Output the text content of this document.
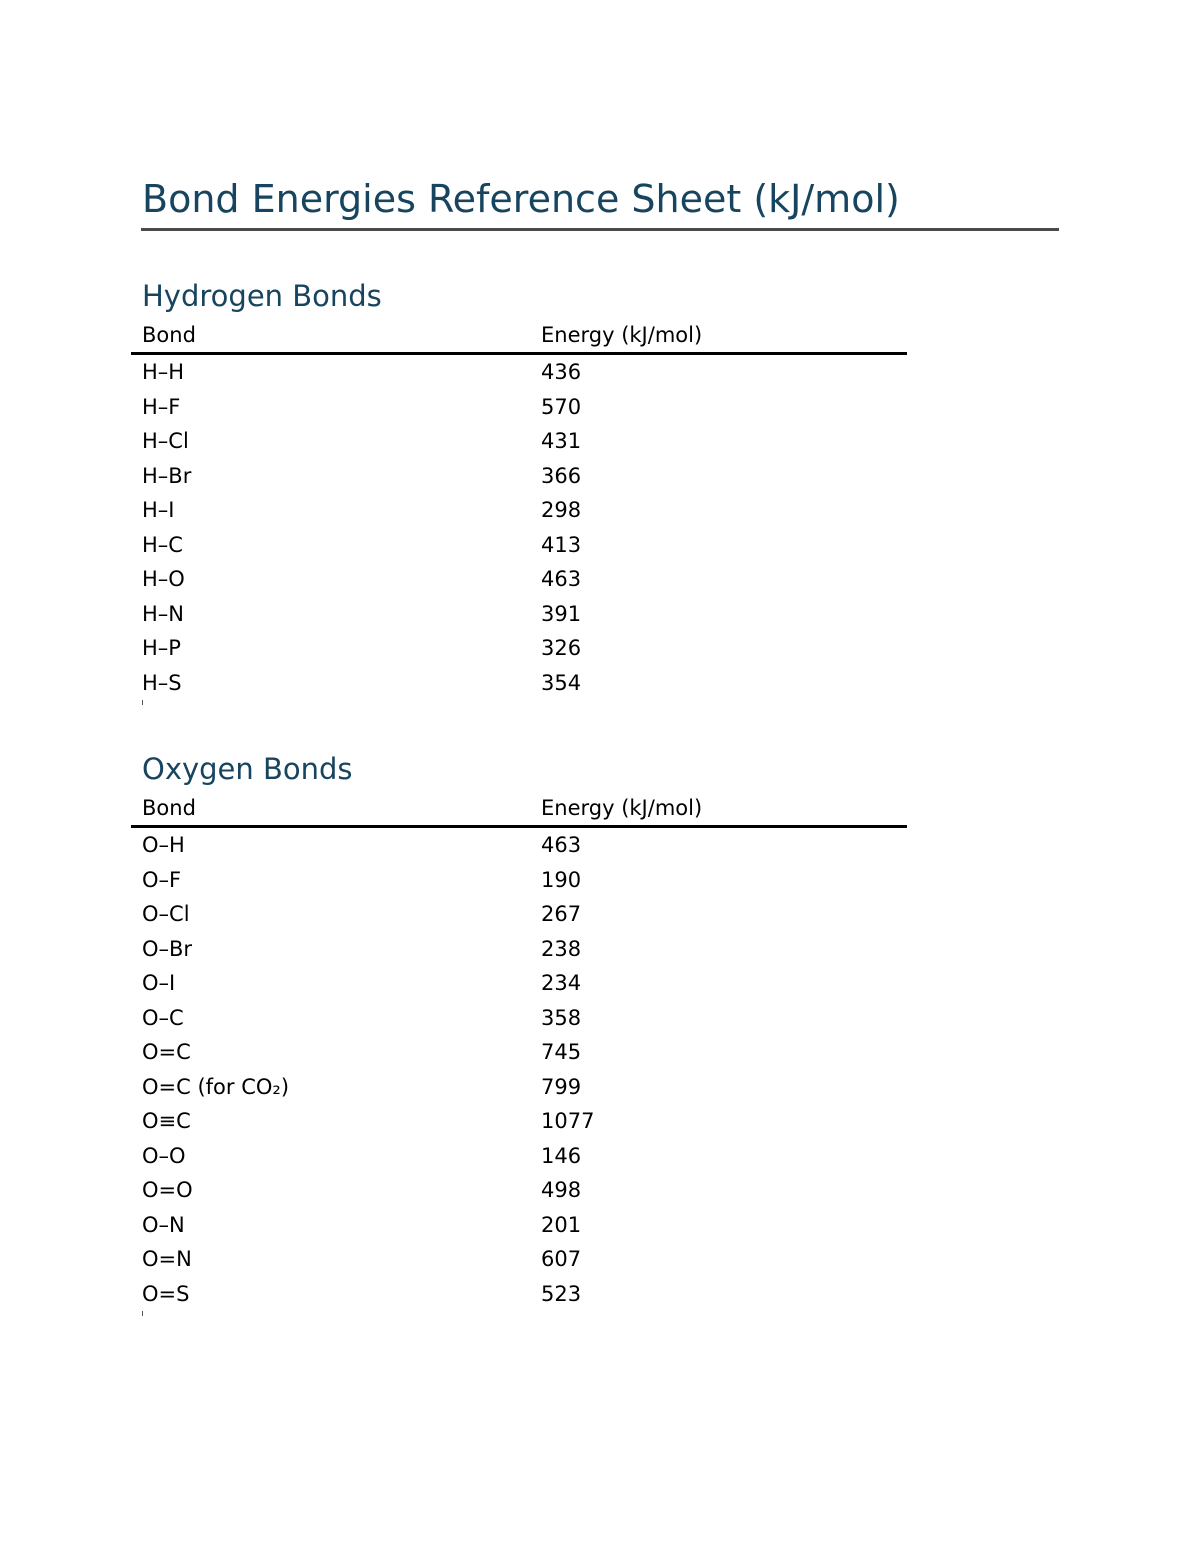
Bond Energies Reference Sheet (kJ/mol)
Hydrogen Bonds
Bond	Energy (kJ/mol)
H–H	436
H–F	570
H–Cl	431
H–Br	366
H–I	298
H–C	413
H–O	463
H–N	391
H–P	326
H–S	354
Oxygen Bonds
Bond	Energy (kJ/mol)
O–H	463
O–F	190
O–Cl	267
O–Br	238
O–I	234
O–C	358
O=C	745
O=C (for CO₂)	799
O≡C	1077
O–O	146
O=O	498
O–N	201
O=N	607
O=S	523
